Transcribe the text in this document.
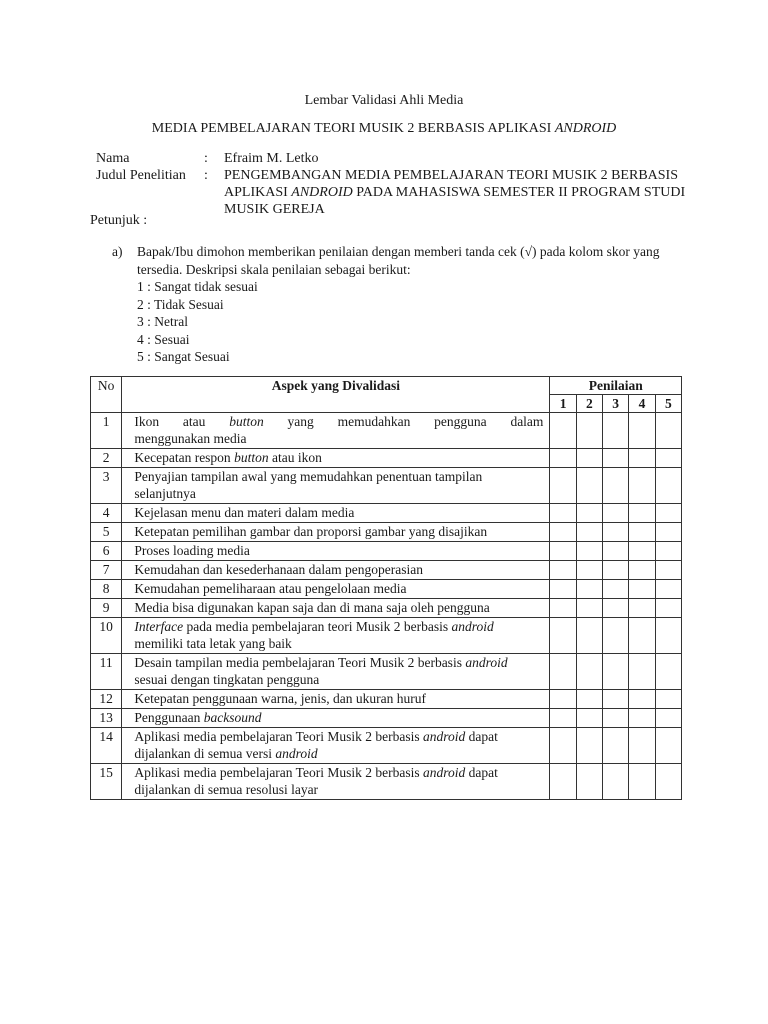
Lembar Validasi Ahli Media
MEDIA PEMBELAJARAN TEORI MUSIK 2 BERBASIS APLIKASI ANDROID
Nama	:	Efraim M. Letko
Judul Penelitian	:	PENGEMBANGAN MEDIA PEMBELAJARAN TEORI MUSIK 2 BERBASIS APLIKASI ANDROID PADA MAHASISWA SEMESTER II PROGRAM STUDI MUSIK GEREJA
Petunjuk :
a)	Bapak/Ibu dimohon memberikan penilaian dengan memberi tanda cek (√) pada kolom skor yang tersedia. Deskripsi skala penilaian sebagai berikut:
1 : Sangat tidak sesuai
2 : Tidak Sesuai
3 : Netral
4 : Sesuai
5 : Sangat Sesuai
No	Aspek yang Divalidasi	Penilaian				
		1	2	3	4	5
1	Ikon atau button yang memudahkan pengguna dalam
menggunakan media					

2	Kecepatan respon button atau ikon					

3	Penyajian tampilan awal yang memudahkan penentuan tampilan selanjutnya					

4	Kejelasan menu dan materi dalam media					

5	Ketepatan pemilihan gambar dan proporsi gambar yang disajikan					

6	Proses loading media					

7	Kemudahan dan kesederhanaan dalam pengoperasian					

8	Kemudahan pemeliharaan atau pengelolaan media					

9	Media bisa digunakan kapan saja dan di mana saja oleh pengguna					

10	Interface pada media pembelajaran teori Musik 2 berbasis android memiliki tata letak yang baik					

11	Desain tampilan media pembelajaran Teori Musik 2 berbasis android sesuai dengan tingkatan pengguna					

12	Ketepatan penggunaan warna, jenis, dan ukuran huruf					

13	Penggunaan backsound					

14	Aplikasi media pembelajaran Teori Musik 2 berbasis android dapat dijalankan di semua versi android					

15	Aplikasi media pembelajaran Teori Musik 2 berbasis android dapat dijalankan di semua resolusi layar					
